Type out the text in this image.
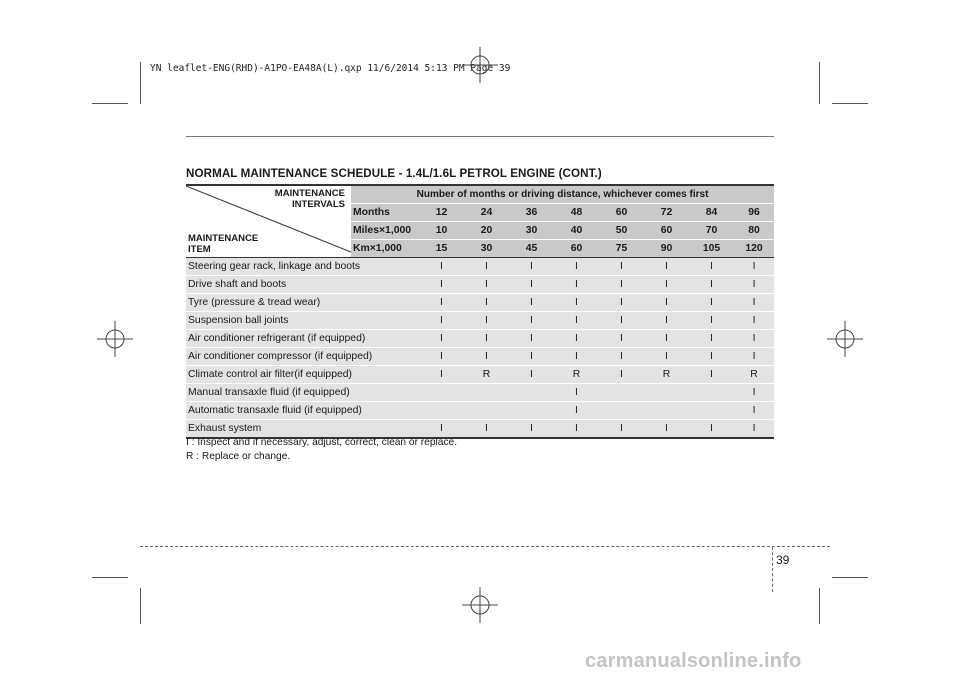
YN leaflet-ENG(RHD)-A1PO-EA48A(L).qxp 11/6/2014 5:13 PM Page 39
NORMAL MAINTENANCE SCHEDULE - 1.4L/1.6L PETROL ENGINE (CONT.)
MAINTENANCE
INTERVALS
MAINTENANCE
ITEM	Number of months or driving distance, whichever comes first								
	Months	12	24	36	48	60	72	84	96
	Miles×1,000	10	20	30	40	50	60	70	80
	Km×1,000	15	30	45	60	75	90	105	120
Steering gear rack, linkage and boots		I	I	I	I	I	I	I	I
Drive shaft and boots		I	I	I	I	I	I	I	I
Tyre (pressure & tread wear)		I	I	I	I	I	I	I	I
Suspension ball joints		I	I	I	I	I	I	I	I
Air conditioner refrigerant (if equipped)		I	I	I	I	I	I	I	I
Air conditioner compressor (if equipped)		I	I	I	I	I	I	I	I
Climate control air filter(if equipped)		I	R	I	R	I	R	I	R
Manual transaxle fluid (if equipped)					I				I
Automatic transaxle fluid (if equipped)					I				I
Exhaust system		I	I	I	I	I	I	I	I
I : Inspect and if necessary, adjust, correct, clean or replace.
R : Replace or change.
39
carmanualsonline.info
